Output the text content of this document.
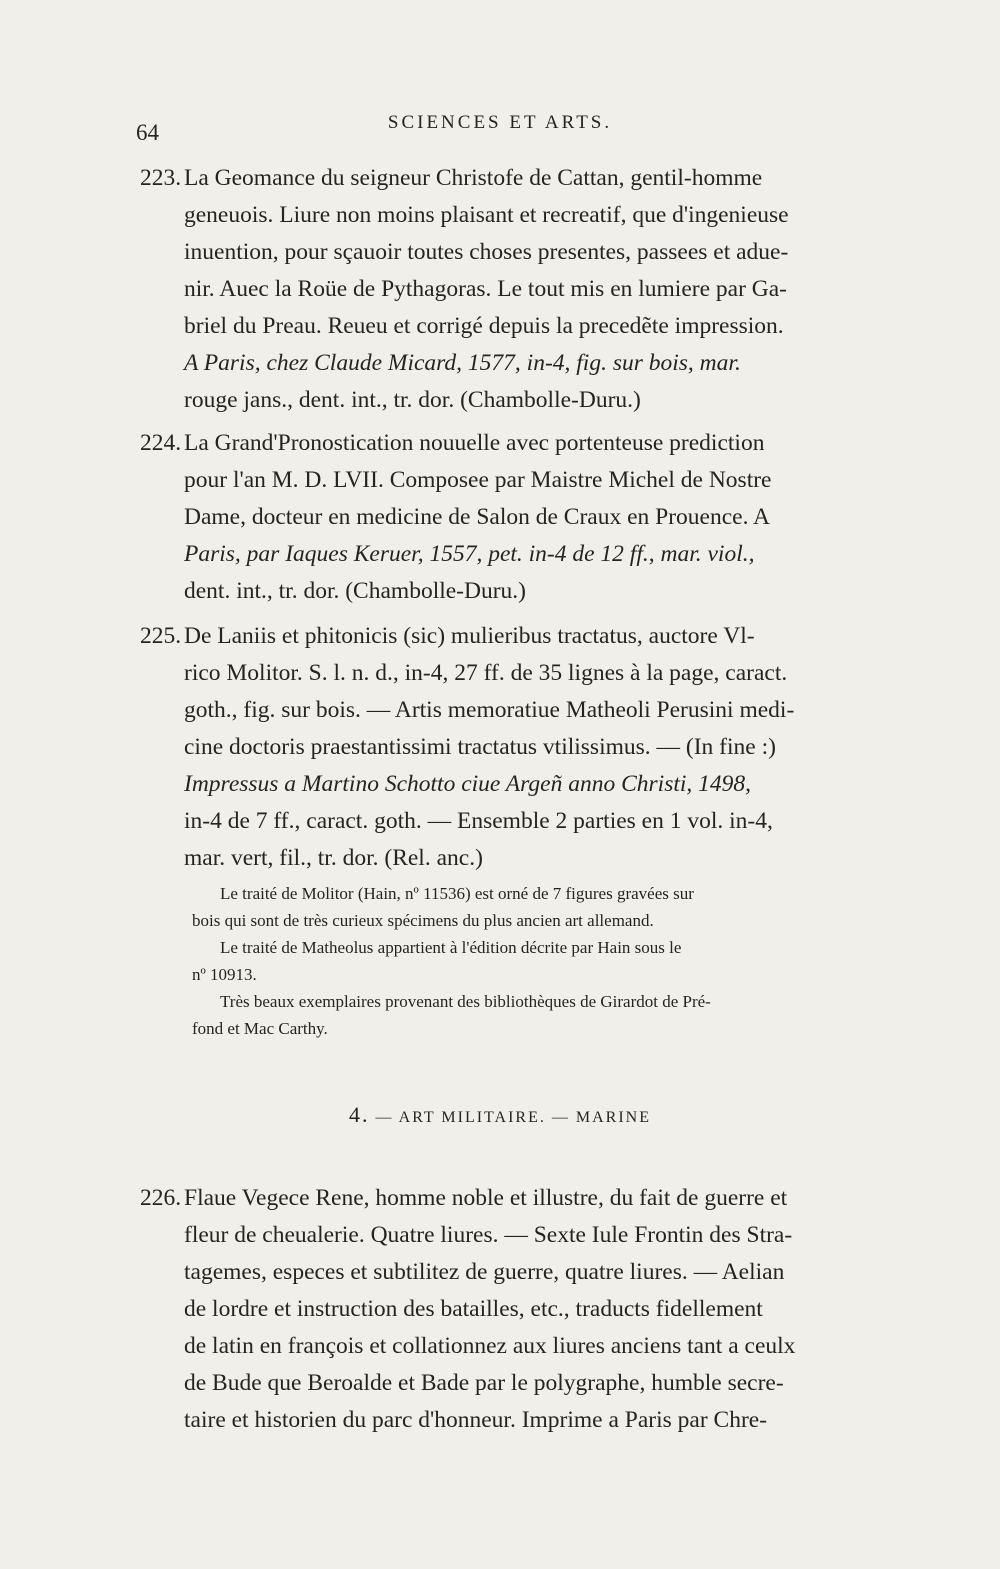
64	SCIENCES ET ARTS.
223. La Geomance du seigneur Christofe de Cattan, gentil-homme
geneuois. Liure non moins plaisant et recreatif, que d'ingenieuse
inuention, pour sçauoir toutes choses presentes, passees et adue-
nir. Auec la Roüe de Pythagoras. Le tout mis en lumiere par Ga-
briel du Preau. Reueu et corrigé depuis la precedẽte impression.
A Paris, chez Claude Micard, 1577, in-4, fig. sur bois, mar.
rouge jans., dent. int., tr. dor. (Chambolle-Duru.)
224. La Grand'Pronostication nouuelle avec portenteuse prediction
pour l'an M. D. LVII. Composee par Maistre Michel de Nostre
Dame, docteur en medicine de Salon de Craux en Prouence. A
Paris, par Iaques Keruer, 1557, pet. in-4 de 12 ff., mar. viol.,
dent. int., tr. dor. (Chambolle-Duru.)
225. De Laniis et phitonicis (sic) mulieribus tractatus, auctore Vl-
rico Molitor. S. l. n. d., in-4, 27 ff. de 35 lignes à la page, caract.
goth., fig. sur bois. — Artis memoratiue Matheoli Perusini medi-
cine doctoris praestantissimi tractatus vtilissimus. — (In fine :)
Impressus a Martino Schotto ciue Argeñ anno Christi, 1498,
in-4 de 7 ff., caract. goth. — Ensemble 2 parties en 1 vol. in-4,
mar. vert, fil., tr. dor. (Rel. anc.)
Le traité de Molitor (Hain, nº 11536) est orné de 7 figures gravées sur
bois qui sont de très curieux spécimens du plus ancien art allemand.
Le traité de Matheolus appartient à l'édition décrite par Hain sous le
nº 10913.
Très beaux exemplaires provenant des bibliothèques de Girardot de Pré-
fond et Mac Carthy.
4. — ART MILITAIRE. — MARINE
226. Flaue Vegece Rene, homme noble et illustre, du fait de guerre et
fleur de cheualerie. Quatre liures. — Sexte Iule Frontin des Stra-
tagemes, especes et subtilitez de guerre, quatre liures. — Aelian
de lordre et instruction des batailles, etc., traducts fidellement
de latin en françois et collationnez aux liures anciens tant a ceulx
de Bude que Beroalde et Bade par le polygraphe, humble secre-
taire et historien du parc d'honneur. Imprime a Paris par Chre-
